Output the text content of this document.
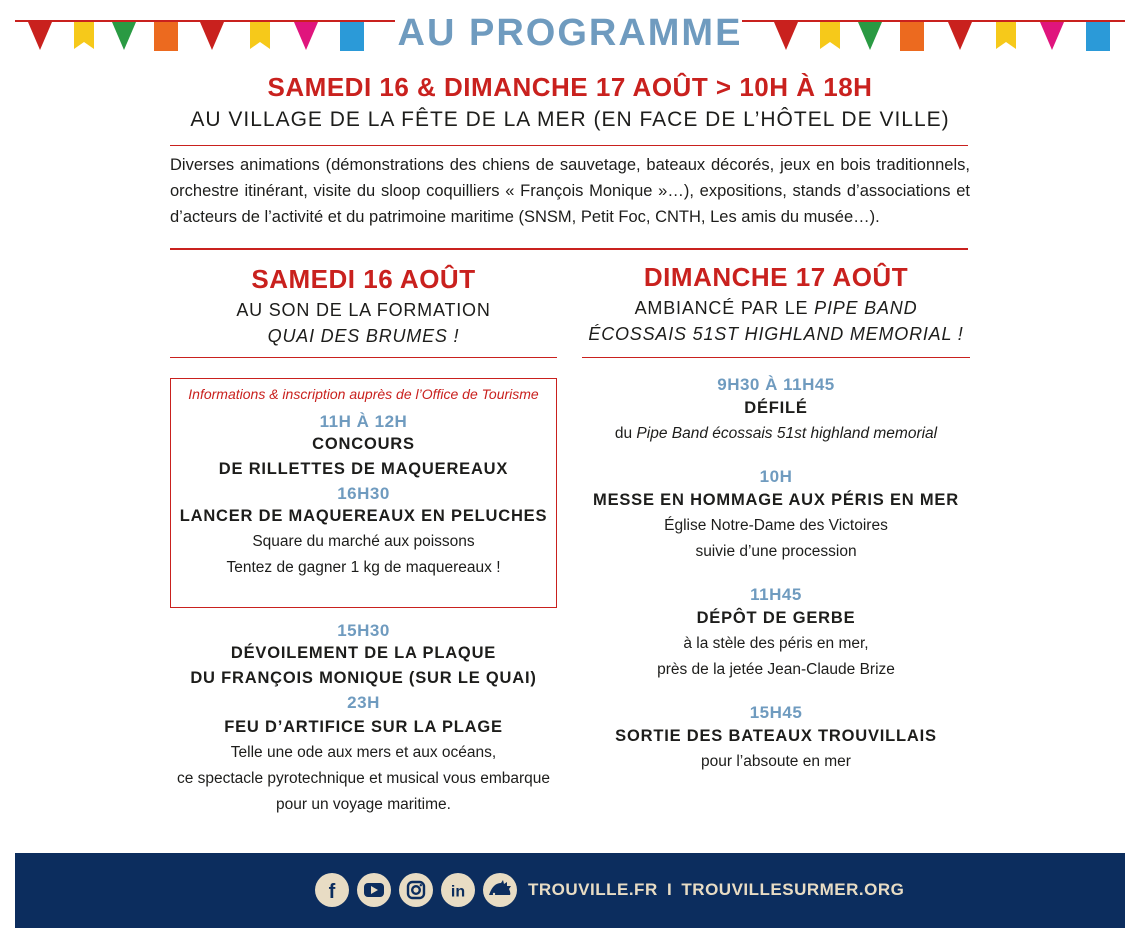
AU PROGRAMME
SAMEDI 16 & DIMANCHE 17 AOÛT > 10H À 18H
AU VILLAGE DE LA FÊTE DE LA MER (EN FACE DE L’HÔTEL DE VILLE)
Diverses animations (démonstrations des chiens de sauvetage, bateaux décorés, jeux en bois traditionnels, orchestre itinérant, visite du sloop coquilliers « François Monique »…), expositions, stands d’associations et d’acteurs de l’activité et du patrimoine maritime (SNSM, Petit Foc, CNTH, Les amis du musée…).
SAMEDI 16 AOÛT
AU SON DE LA FORMATION
QUAI DES BRUMES !
Informations & inscription auprès de l’Office de Tourisme
11H À 12H
CONCOURS
DE RILLETTES DE MAQUEREAUX
16H30
LANCER DE MAQUEREAUX EN PELUCHES
Square du marché aux poissons
Tentez de gagner 1 kg de maquereaux !
15H30
DÉVOILEMENT DE LA PLAQUE
DU FRANÇOIS MONIQUE (SUR LE QUAI)
23H
FEU D’ARTIFICE SUR LA PLAGE
Telle une ode aux mers et aux océans,
ce spectacle pyrotechnique et musical vous embarque
pour un voyage maritime.
DIMANCHE 17 AOÛT
AMBIANCÉ PAR LE PIPE BAND
ÉCOSSAIS 51ST HIGHLAND MEMORIAL !
9H30 À 11H45
DÉFILÉ
du Pipe Band écossais 51st highland memorial
10H
MESSE EN HOMMAGE AUX PÉRIS EN MER
Église Notre-Dame des Victoires
suivie d’une procession
11H45
DÉPÔT DE GERBE
à la stèle des péris en mer,
près de la jetée Jean-Claude Brize
15H45
SORTIE DES BATEAUX TROUVILLAIS
pour l’absoute en mer
f	in	TROUVILLE.FR I TROUVILLESURMER.ORG
